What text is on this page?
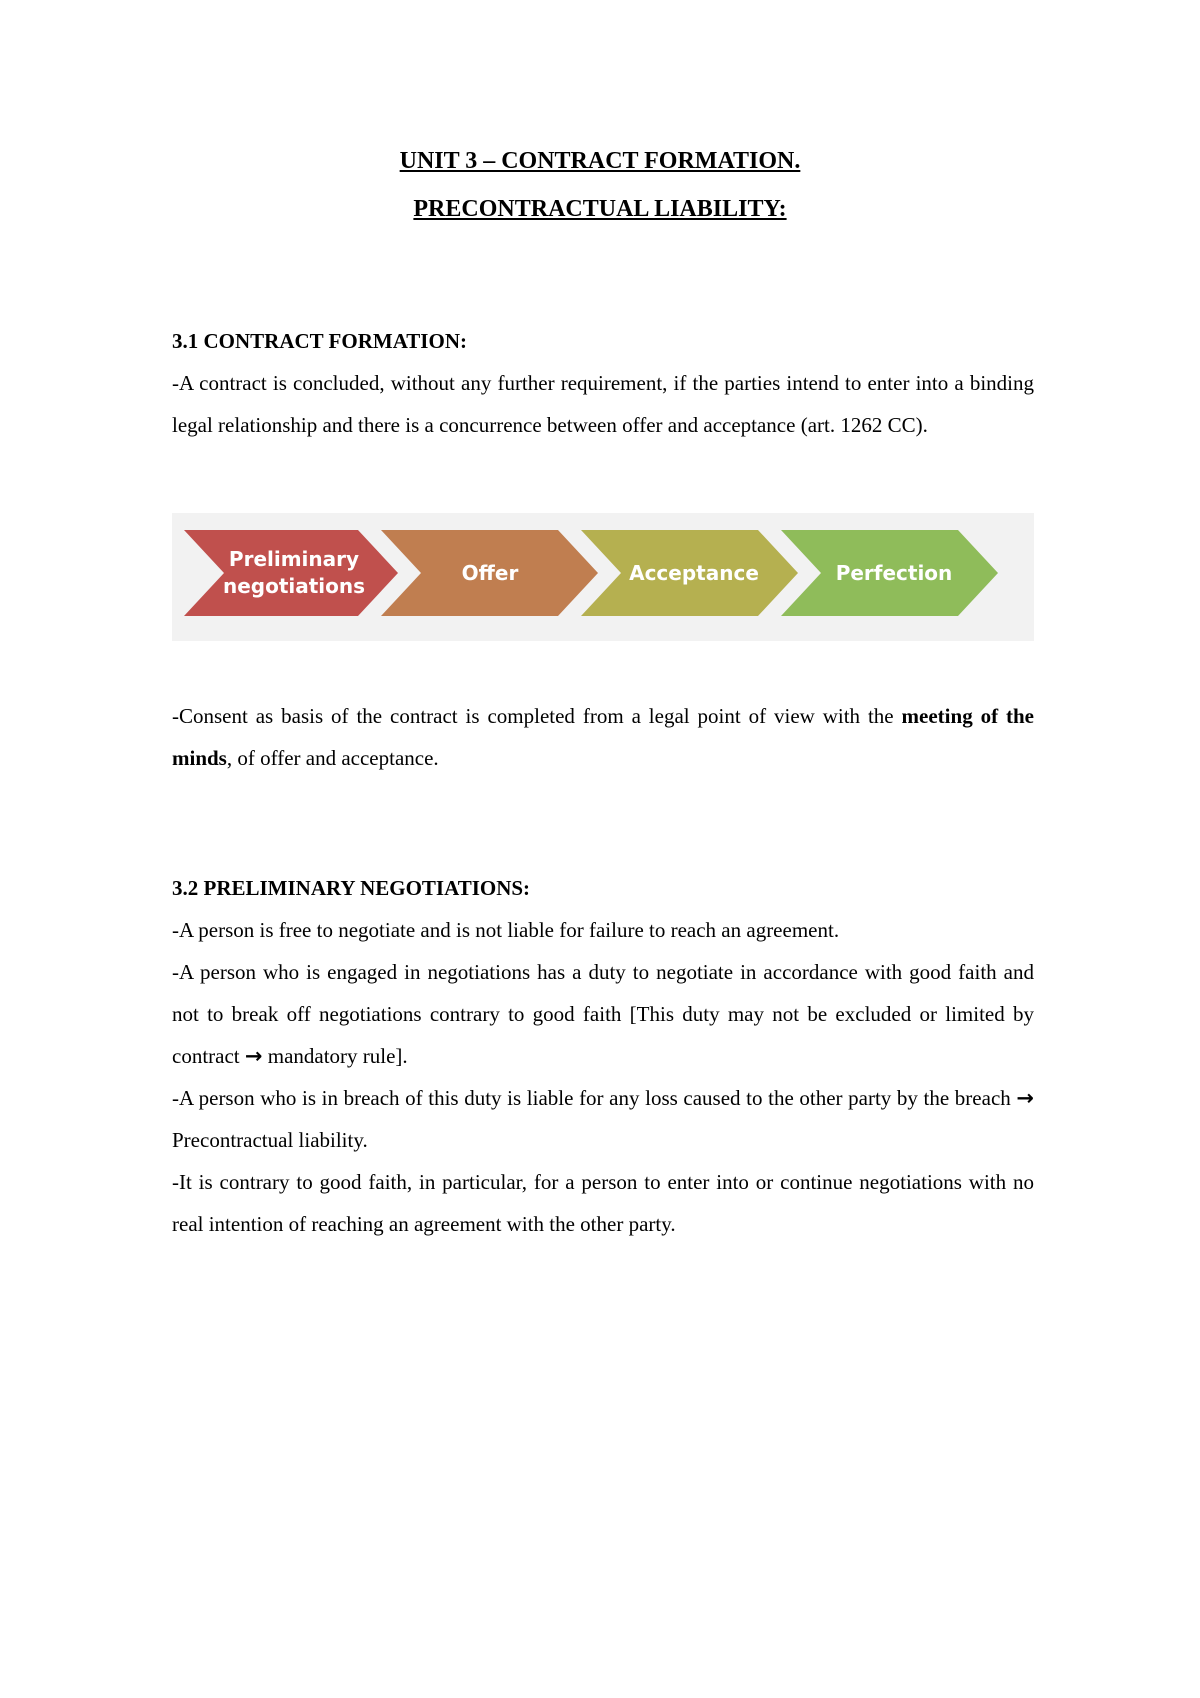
UNIT 3 – CONTRACT FORMATION.
PRECONTRACTUAL LIABILITY:

3.1 CONTRACT FORMATION:

-A contract is concluded, without any further requirement, if the parties intend to enter into a binding legal relationship and there is a concurrence between offer and acceptance (art. 1262 CC).

Preliminary
negotiations
Offer	Acceptance	Perfection

-Consent as basis of the contract is completed from a legal point of view with the meeting of the minds, of offer and acceptance.

3.2 PRELIMINARY NEGOTIATIONS:

-A person is free to negotiate and is not liable for failure to reach an agreement.

-A person who is engaged in negotiations has a duty to negotiate in accordance with good faith and not to break off negotiations contrary to good faith [This duty may not be excluded or limited by contract → mandatory rule].

-A person who is in breach of this duty is liable for any loss caused to the other party by the breach → Precontractual liability.

-It is contrary to good faith, in particular, for a person to enter into or continue negotiations with no real intention of reaching an agreement with the other party.
